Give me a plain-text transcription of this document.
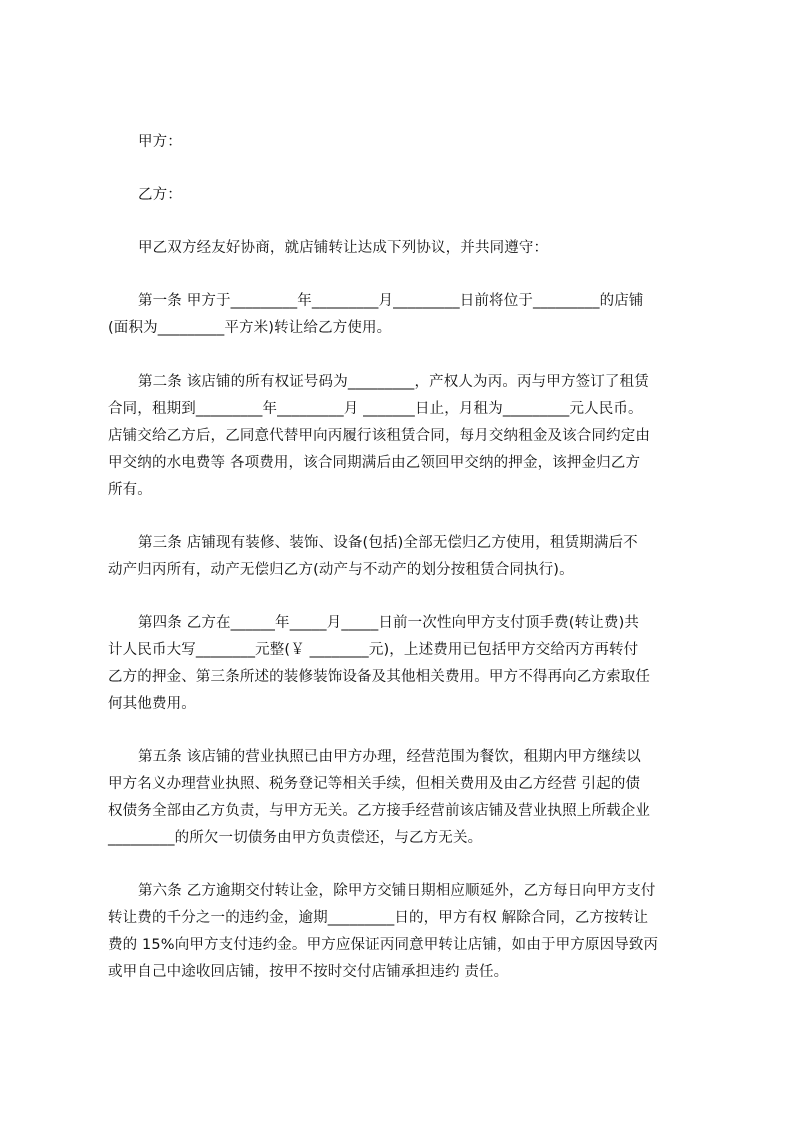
甲方：
乙方：
甲乙双方经友好协商，就店铺转让达成下列协议，并共同遵守：
第一条 甲方于_________年_________月_________日前将位于_________的店铺
(面积为_________平方米)转让给乙方使用。
第二条 该店铺的所有权证号码为_________，产权人为丙。丙与甲方签订了租赁
合同，租期到_________年_________月 _______日止，月租为_________元人民币。
店铺交给乙方后，乙同意代替甲向丙履行该租赁合同，每月交纳租金及该合同约定由
甲交纳的水电费等 各项费用，该合同期满后由乙领回甲交纳的押金，该押金归乙方
所有。
第三条 店铺现有装修、装饰、设备(包括)全部无偿归乙方使用，租赁期满后不
动产归丙所有，动产无偿归乙方(动产与不动产的划分按租赁合同执行)。
第四条 乙方在______年_____月_____日前一次性向甲方支付顶手费(转让费)共
计人民币大写________元整(￥ ________元)，上述费用已包括甲方交给丙方再转付
乙方的押金、第三条所述的装修装饰设备及其他相关费用。甲方不得再向乙方索取任
何其他费用。
第五条 该店铺的营业执照已由甲方办理，经营范围为餐饮，租期内甲方继续以
甲方名义办理营业执照、税务登记等相关手续，但相关费用及由乙方经营 引起的债
权债务全部由乙方负责，与甲方无关。乙方接手经营前该店铺及营业执照上所载企业
_________的所欠一切债务由甲方负责偿还，与乙方无关。
第六条 乙方逾期交付转让金，除甲方交铺日期相应顺延外，乙方每日向甲方支付
转让费的千分之一的违约金，逾期_________日的，甲方有权 解除合同，乙方按转让
费的 15%向甲方支付违约金。甲方应保证丙同意甲转让店铺，如由于甲方原因导致丙
或甲自己中途收回店铺，按甲不按时交付店铺承担违约 责任。
